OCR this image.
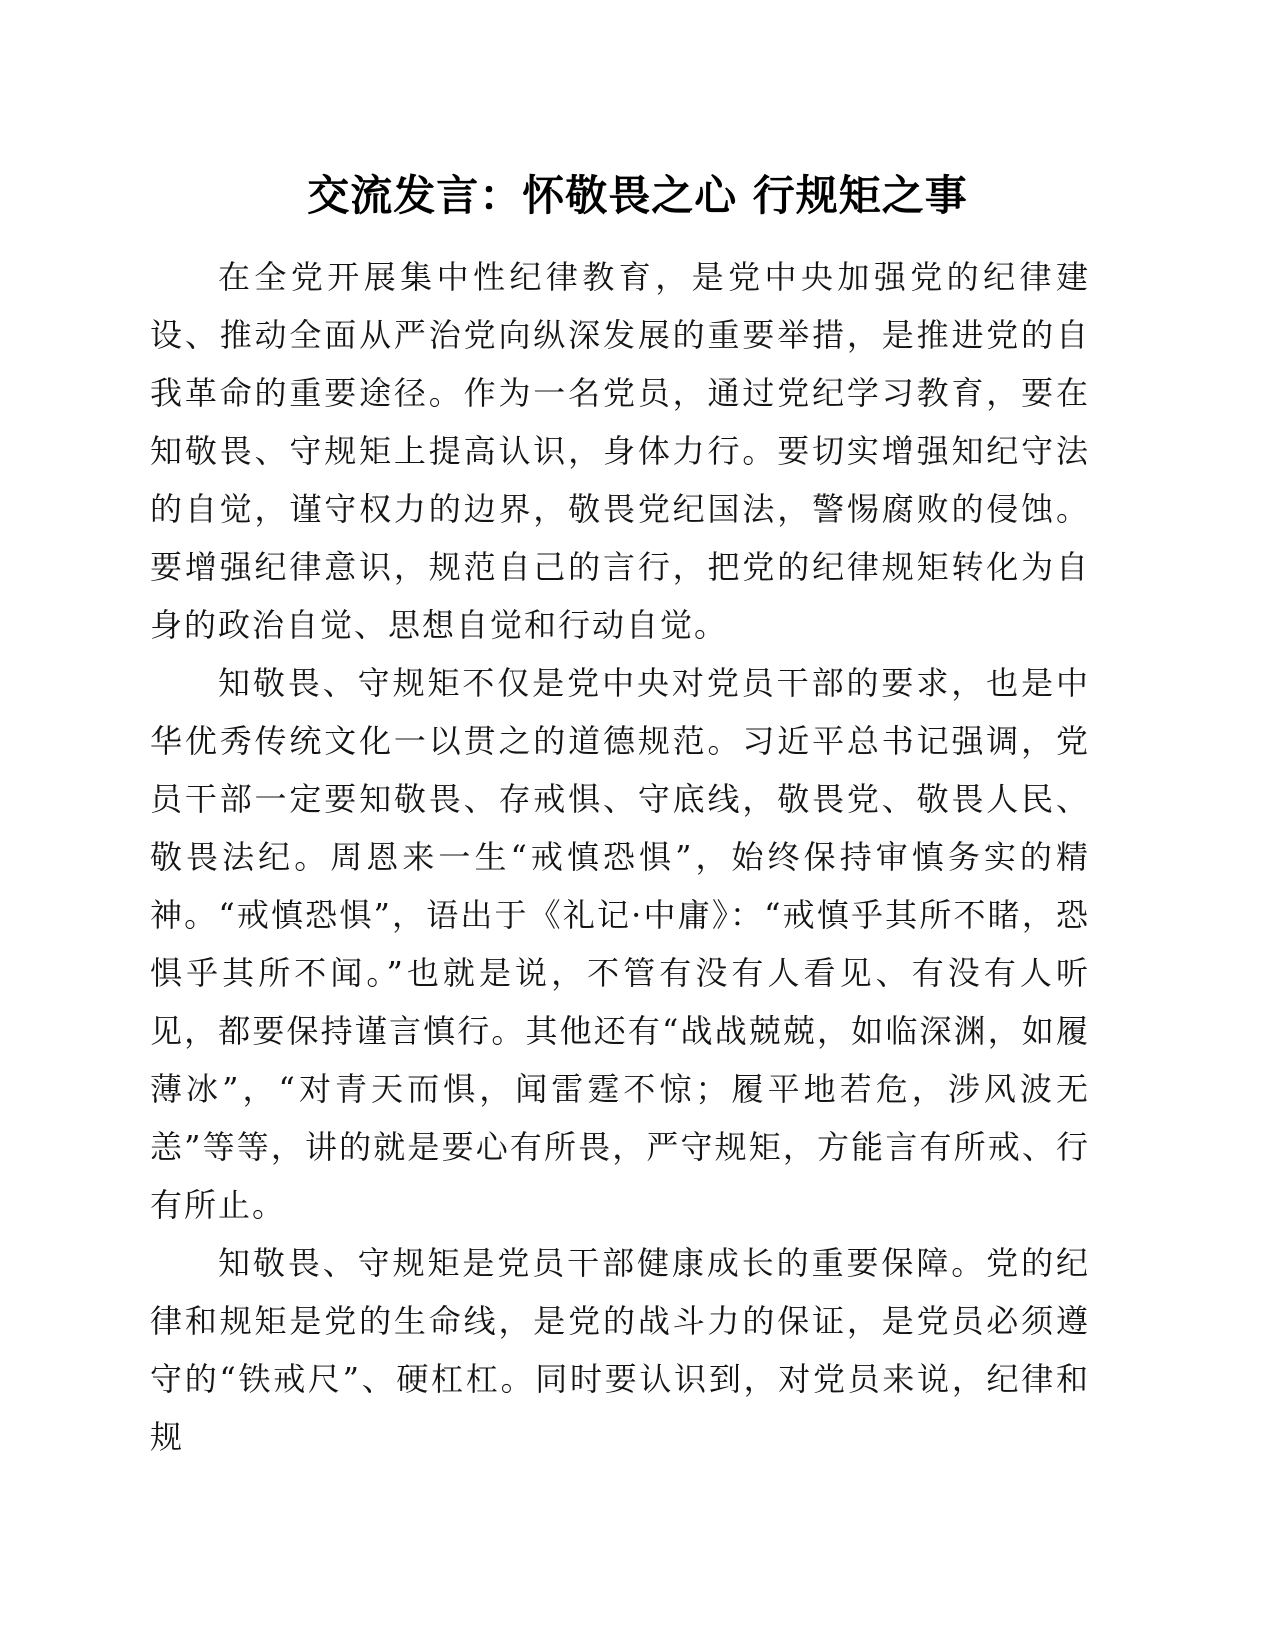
交流发言：怀敬畏之心 行规矩之事

在全党开展集中性纪律教育，是党中央加强党的纪律建设、推动全面从严治党向纵深发展的重要举措，是推进党的自我革命的重要途径。作为一名党员，通过党纪学习教育，要在知敬畏、守规矩上提高认识，身体力行。要切实增强知纪守法的自觉，谨守权力的边界，敬畏党纪国法，警惕腐败的侵蚀。要增强纪律意识，规范自己的言行，把党的纪律规矩转化为自身的政治自觉、思想自觉和行动自觉。

知敬畏、守规矩不仅是党中央对党员干部的要求，也是中华优秀传统文化一以贯之的道德规范。习近平总书记强调，党员干部一定要知敬畏、存戒惧、守底线，敬畏党、敬畏人民、敬畏法纪。周恩来一生“戒慎恐惧”，始终保持审慎务实的精神。“戒慎恐惧”，语出于《礼记·中庸》：“戒慎乎其所不睹，恐惧乎其所不闻。”也就是说，不管有没有人看见、有没有人听见，都要保持谨言慎行。其他还有“战战兢兢，如临深渊，如履薄冰”，“对青天而惧，闻雷霆不惊；履平地若危，涉风波无恙”等等，讲的就是要心有所畏，严守规矩，方能言有所戒、行有所止。

知敬畏、守规矩是党员干部健康成长的重要保障。党的纪律和规矩是党的生命线，是党的战斗力的保证，是党员必须遵守的“铁戒尺”、硬杠杠。同时要认识到，对党员来说，纪律和规
